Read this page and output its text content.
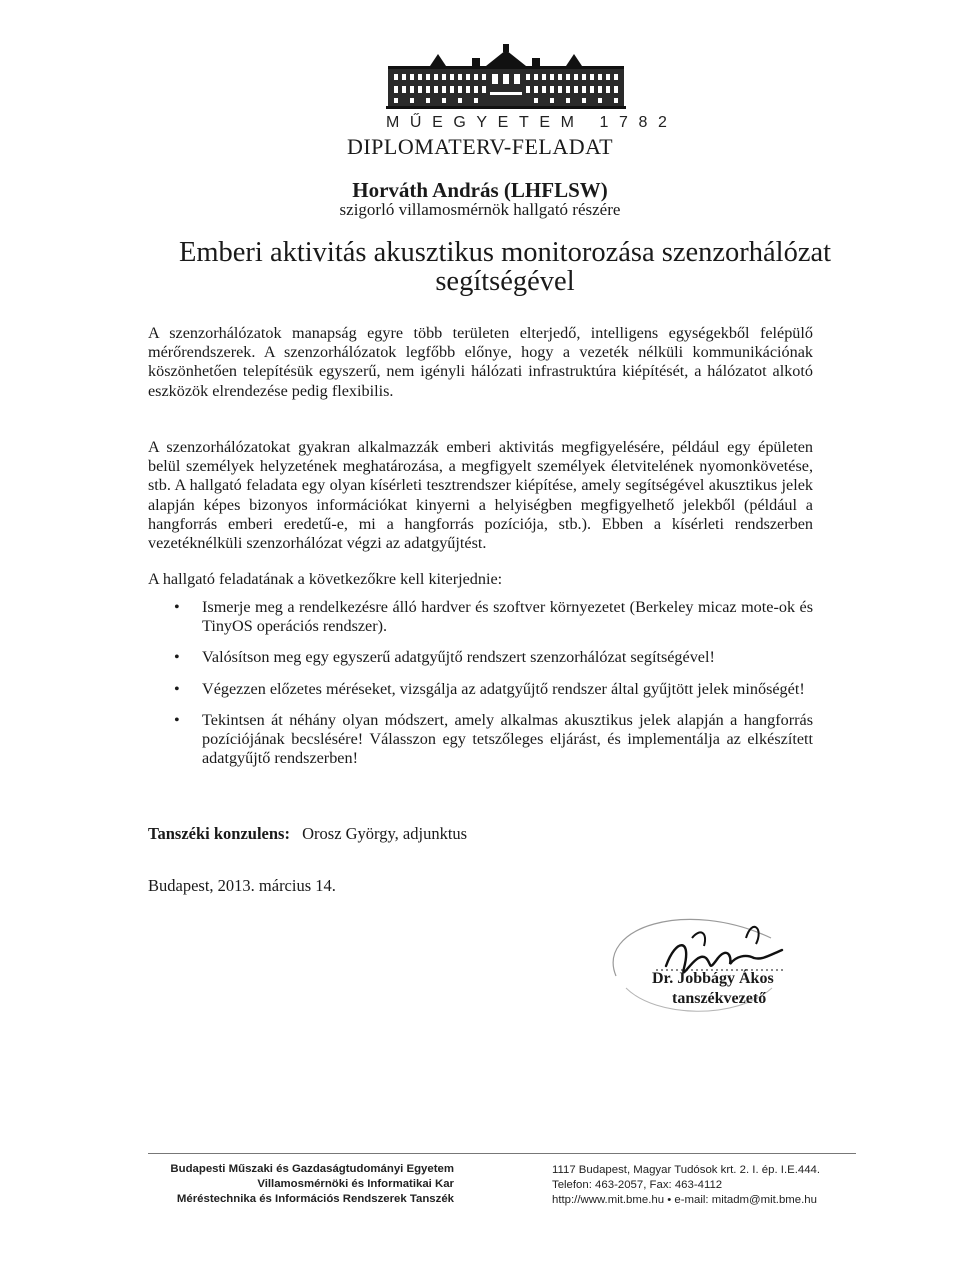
MŰEGYETEM 1782
DIPLOMATERV-FELADAT
Horváth András (LHFLSW)
szigorló villamosmérnök hallgató részére
Emberi aktivitás akusztikus monitorozása szenzorhálózat segítségével
A szenzorhálózatok manapság egyre több területen elterjedő, intelligens egységekből felépülő mérőrendszerek. A szenzorhálózatok legfőbb előnye, hogy a vezeték nélküli kommunikációnak köszönhetően telepítésük egyszerű, nem igényli hálózati infrastruktúra kiépítését, a hálózatot alkotó eszközök elrendezése pedig flexibilis.
A szenzorhálózatokat gyakran alkalmazzák emberi aktivitás megfigyelésére, például egy épületen belül személyek helyzetének meghatározása, a megfigyelt személyek életvitelének nyomonkövetése, stb. A hallgató feladata egy olyan kísérleti tesztrendszer kiépítése, amely segítségével akusztikus jelek alapján képes bizonyos információkat kinyerni a helyiségben megfigyelhető jelekből (például a hangforrás emberi eredetű-e, mi a hangforrás pozíciója, stb.). Ebben a kísérleti rendszerben vezetéknélküli szenzorhálózat végzi az adatgyűjtést.
A hallgató feladatának a következőkre kell kiterjednie:
• Ismerje meg a rendelkezésre álló hardver és szoftver környezetet (Berkeley micaz mote-ok és TinyOS operációs rendszer).
• Valósítson meg egy egyszerű adatgyűjtő rendszert szenzorhálózat segítségével!
• Végezzen előzetes méréseket, vizsgálja az adatgyűjtő rendszer által gyűjtött jelek minőségét!
• Tekintsen át néhány olyan módszert, amely alkalmas akusztikus jelek alapján a hangforrás pozíciójának becslésére! Válasszon egy tetszőleges eljárást, és implementálja az elkészített adatgyűjtő rendszerben!
Tanszéki konzulens: Orosz György, adjunktus
Budapest, 2013. március 14.
Dr. Jobbágy Ákos
tanszékvezető
Budapesti Műszaki és Gazdaságtudományi Egyetem
Villamosmérnöki és Informatikai Kar
Méréstechnika és Információs Rendszerek Tanszék
1117 Budapest, Magyar Tudósok krt. 2. I. ép. I.E.444.
Telefon: 463-2057, Fax: 463-4112
http://www.mit.bme.hu • e-mail: mitadm@mit.bme.hu
